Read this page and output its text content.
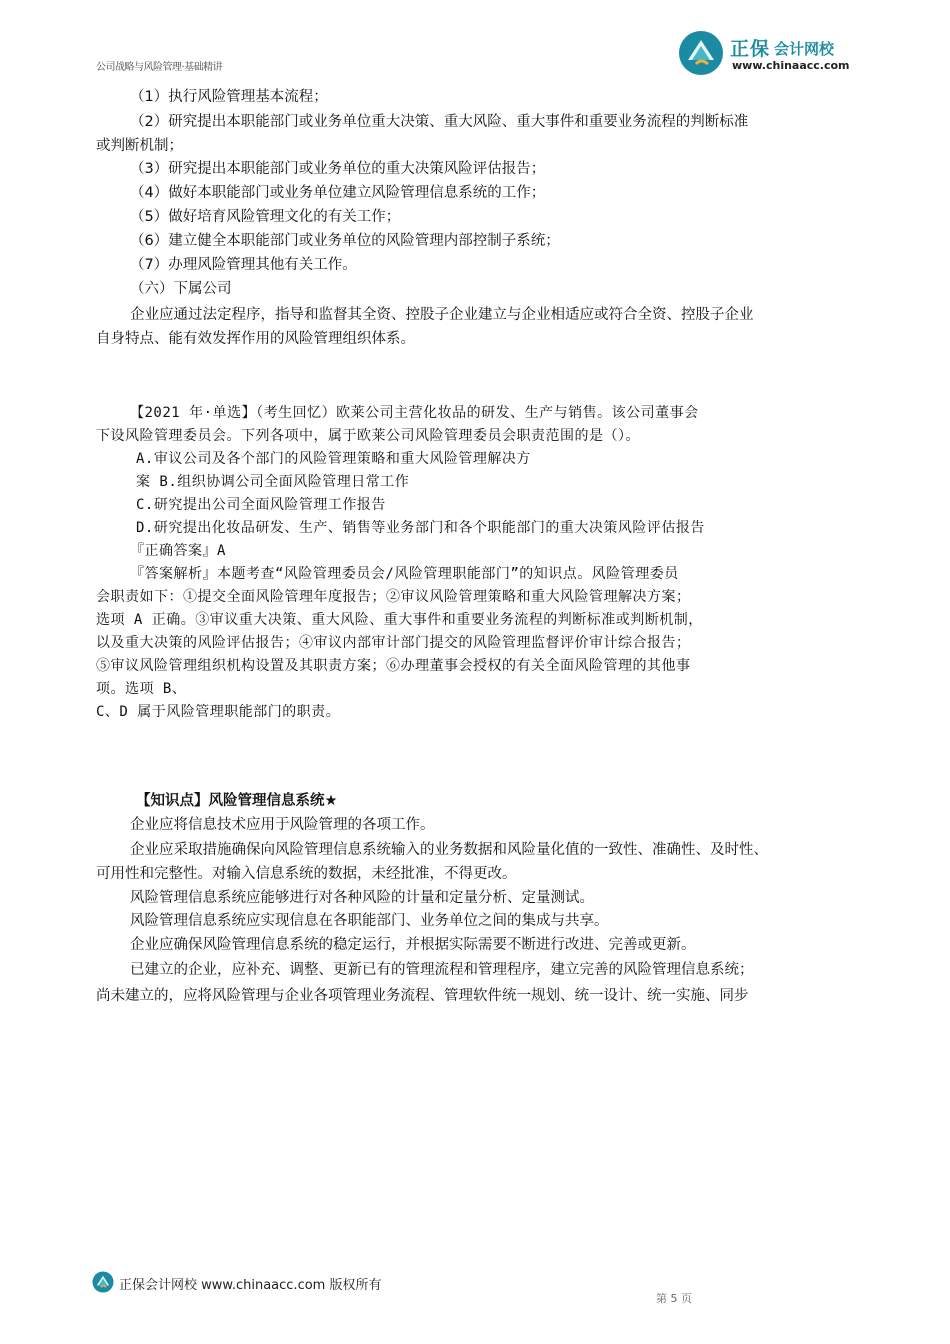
公司战略与风险管理·基础精讲
正保 会计网校
www.chinaacc.com
（1）执行风险管理基本流程；
（2）研究提出本职能部门或业务单位重大决策、重大风险、重大事件和重要业务流程的判断标准
或判断机制；
（3）研究提出本职能部门或业务单位的重大决策风险评估报告；
（4）做好本职能部门或业务单位建立风险管理信息系统的工作；
（5）做好培育风险管理文化的有关工作；
（6）建立健全本职能部门或业务单位的风险管理内部控制子系统；
（7）办理风险管理其他有关工作。
（六）下属公司
企业应通过法定程序，指导和监督其全资、控股子企业建立与企业相适应或符合全资、控股子企业
自身特点、能有效发挥作用的风险管理组织体系。
【2021 年·单选】（考生回忆）欧莱公司主营化妆品的研发、生产与销售。该公司董事会
下设风险管理委员会。下列各项中，属于欧莱公司风险管理委员会职责范围的是（）。
A.审议公司及各个部门的风险管理策略和重大风险管理解决方
案 B.组织协调公司全面风险管理日常工作
C.研究提出公司全面风险管理工作报告
D.研究提出化妆品研发、生产、销售等业务部门和各个职能部门的重大决策风险评估报告
『正确答案』A
『答案解析』本题考查“风险管理委员会/风险管理职能部门”的知识点。风险管理委员
会职责如下：①提交全面风险管理年度报告；②审议风险管理策略和重大风险管理解决方案；
选项 A 正确。③审议重大决策、重大风险、重大事件和重要业务流程的判断标准或判断机制，
以及重大决策的风险评估报告；④审议内部审计部门提交的风险管理监督评价审计综合报告；
⑤审议风险管理组织机构设置及其职责方案；⑥办理董事会授权的有关全面风险管理的其他事
项。选项 B、
C、D 属于风险管理职能部门的职责。
【知识点】风险管理信息系统★
企业应将信息技术应用于风险管理的各项工作。
企业应采取措施确保向风险管理信息系统输入的业务数据和风险量化值的一致性、准确性、及时性、
可用性和完整性。对输入信息系统的数据，未经批准，不得更改。
风险管理信息系统应能够进行对各种风险的计量和定量分析、定量测试。
风险管理信息系统应实现信息在各职能部门、业务单位之间的集成与共享。
企业应确保风险管理信息系统的稳定运行，并根据实际需要不断进行改进、完善或更新。
已建立的企业，应补充、调整、更新已有的管理流程和管理程序，建立完善的风险管理信息系统；
尚未建立的，应将风险管理与企业各项管理业务流程、管理软件统一规划、统一设计、统一实施、同步
正保会计网校 www.chinaacc.com 版权所有
第 5 页
